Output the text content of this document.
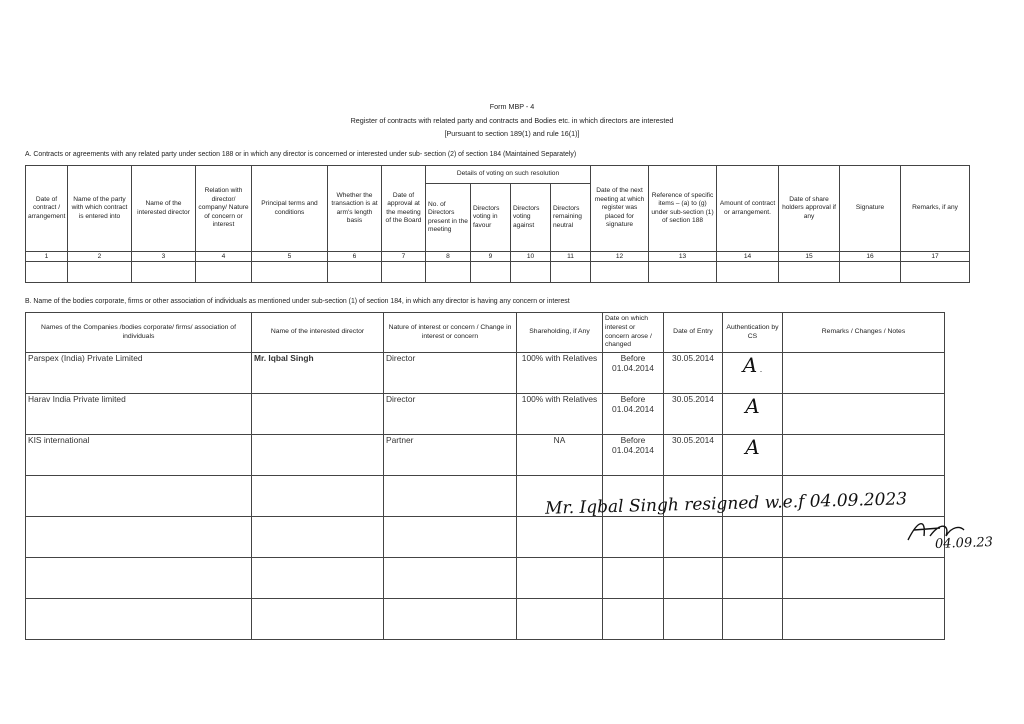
Form MBP - 4
Register of contracts with related party and contracts and Bodies etc. in which directors are interested
[Pursuant to section 189(1) and rule 16(1)]
A. Contracts or agreements with any related party under section 188 or in which any director is concerned or interested under sub- section (2) of section 184 (Maintained Separately)
Date of contract / arrangement	Name of the party with which contract is entered into	Name of the interested director	Relation with director/ company/ Nature of concern or interest	Principal terms and conditions	Whether the transaction is at arm's length basis	Date of approval at the meeting of the Board	Details of voting on such resolution				Date of the next meeting at which register was placed for signature	Reference of specific items – (a) to (g) under sub-section (1) of section 188	Amount of contract or arrangement.	Date of share holders approval if any	Signature	Remarks, if any
							No. of Directors present in the meeting	Directors voting in favour	Directors voting against	Directors remaining neutral						
1	2	3	4	5	6	7	8	9	10	11	12	13	14	15	16	17

B. Name of the bodies corporate, firms or other association of individuals as mentioned under sub-section (1) of section 184, in which any director is having any concern or interest
Names of the Companies /bodies corporate/ firms/ association of individuals	Name of the interested director	Nature of interest or concern / Change in interest or concern	Shareholding, if Any	Date on which interest or concern arose / changed	Date of Entry	Authentication by CS	Remarks / Changes / Notes
Parspex (India) Private Limited	Mr. Iqbal Singh	Director	100% with Relatives	Before 01.04.2014	30.05.2014	A .	
Harav India Private limited		Director	100% with Relatives	Before 01.04.2014	30.05.2014	A	
KIS international		Partner	NA	Before 01.04.2014	30.05.2014	A	

Mr. Iqbal Singh resigned w.e.f 04.09.2023
04.09.23
